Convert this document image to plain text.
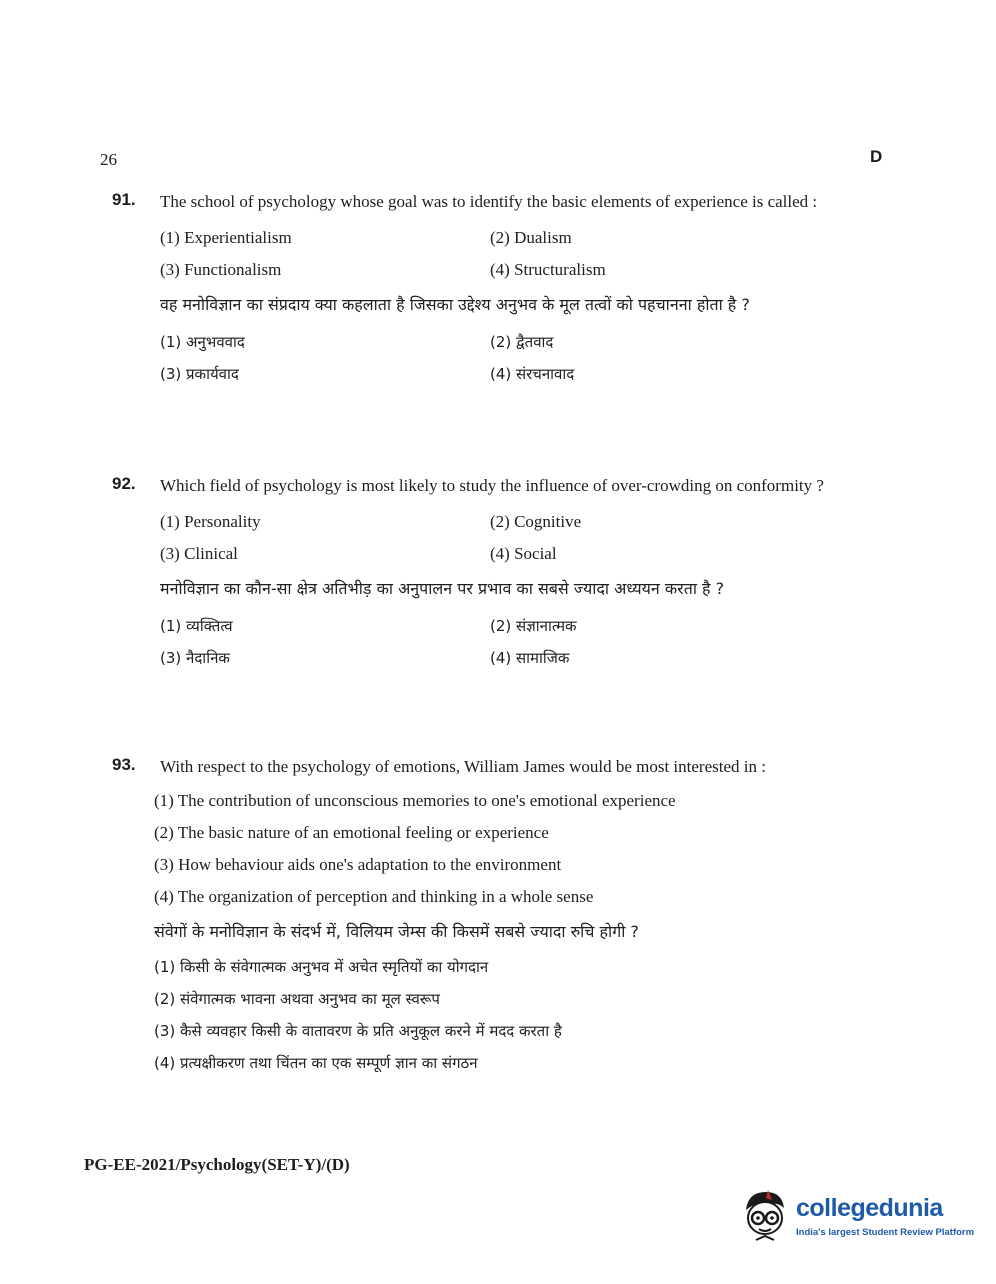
26	D
91. The school of psychology whose goal was to identify the basic elements of experience is called :
(1) Experientialism	(2) Dualism
(3) Functionalism	(4) Structuralism
वह मनोविज्ञान का संप्रदाय क्या कहलाता है जिसका उद्देश्य अनुभव के मूल तत्वों को पहचानना होता है ?
(1) अनुभववाद	(2) द्वैतवाद
(3) प्रकार्यवाद	(4) संरचनावाद
92. Which field of psychology is most likely to study the influence of over-crowding on conformity ?
(1) Personality	(2) Cognitive
(3) Clinical	(4) Social
मनोविज्ञान का कौन-सा क्षेत्र अतिभीड़ का अनुपालन पर प्रभाव का सबसे ज्यादा अध्ययन करता है ?
(1) व्यक्तित्व	(2) संज्ञानात्मक
(3) नैदानिक	(4) सामाजिक
93. With respect to the psychology of emotions, William James would be most interested in :
(1) The contribution of unconscious memories to one's emotional experience
(2) The basic nature of an emotional feeling or experience
(3) How behaviour aids one's adaptation to the environment
(4) The organization of perception and thinking in a whole sense
संवेगों के मनोविज्ञान के संदर्भ में, विलियम जेम्स की किसमें सबसे ज्यादा रुचि होगी ?
(1) किसी के संवेगात्मक अनुभव में अचेत स्मृतियों का योगदान
(2) संवेगात्मक भावना अथवा अनुभव का मूल स्वरूप
(3) कैसे व्यवहार किसी के वातावरण के प्रति अनुकूल करने में मदद करता है
(4) प्रत्यक्षीकरण तथा चिंतन का एक सम्पूर्ण ज्ञान का संगठन
PG-EE-2021/Psychology(SET-Y)/(D)
collegedunia
India's largest Student Review Platform
